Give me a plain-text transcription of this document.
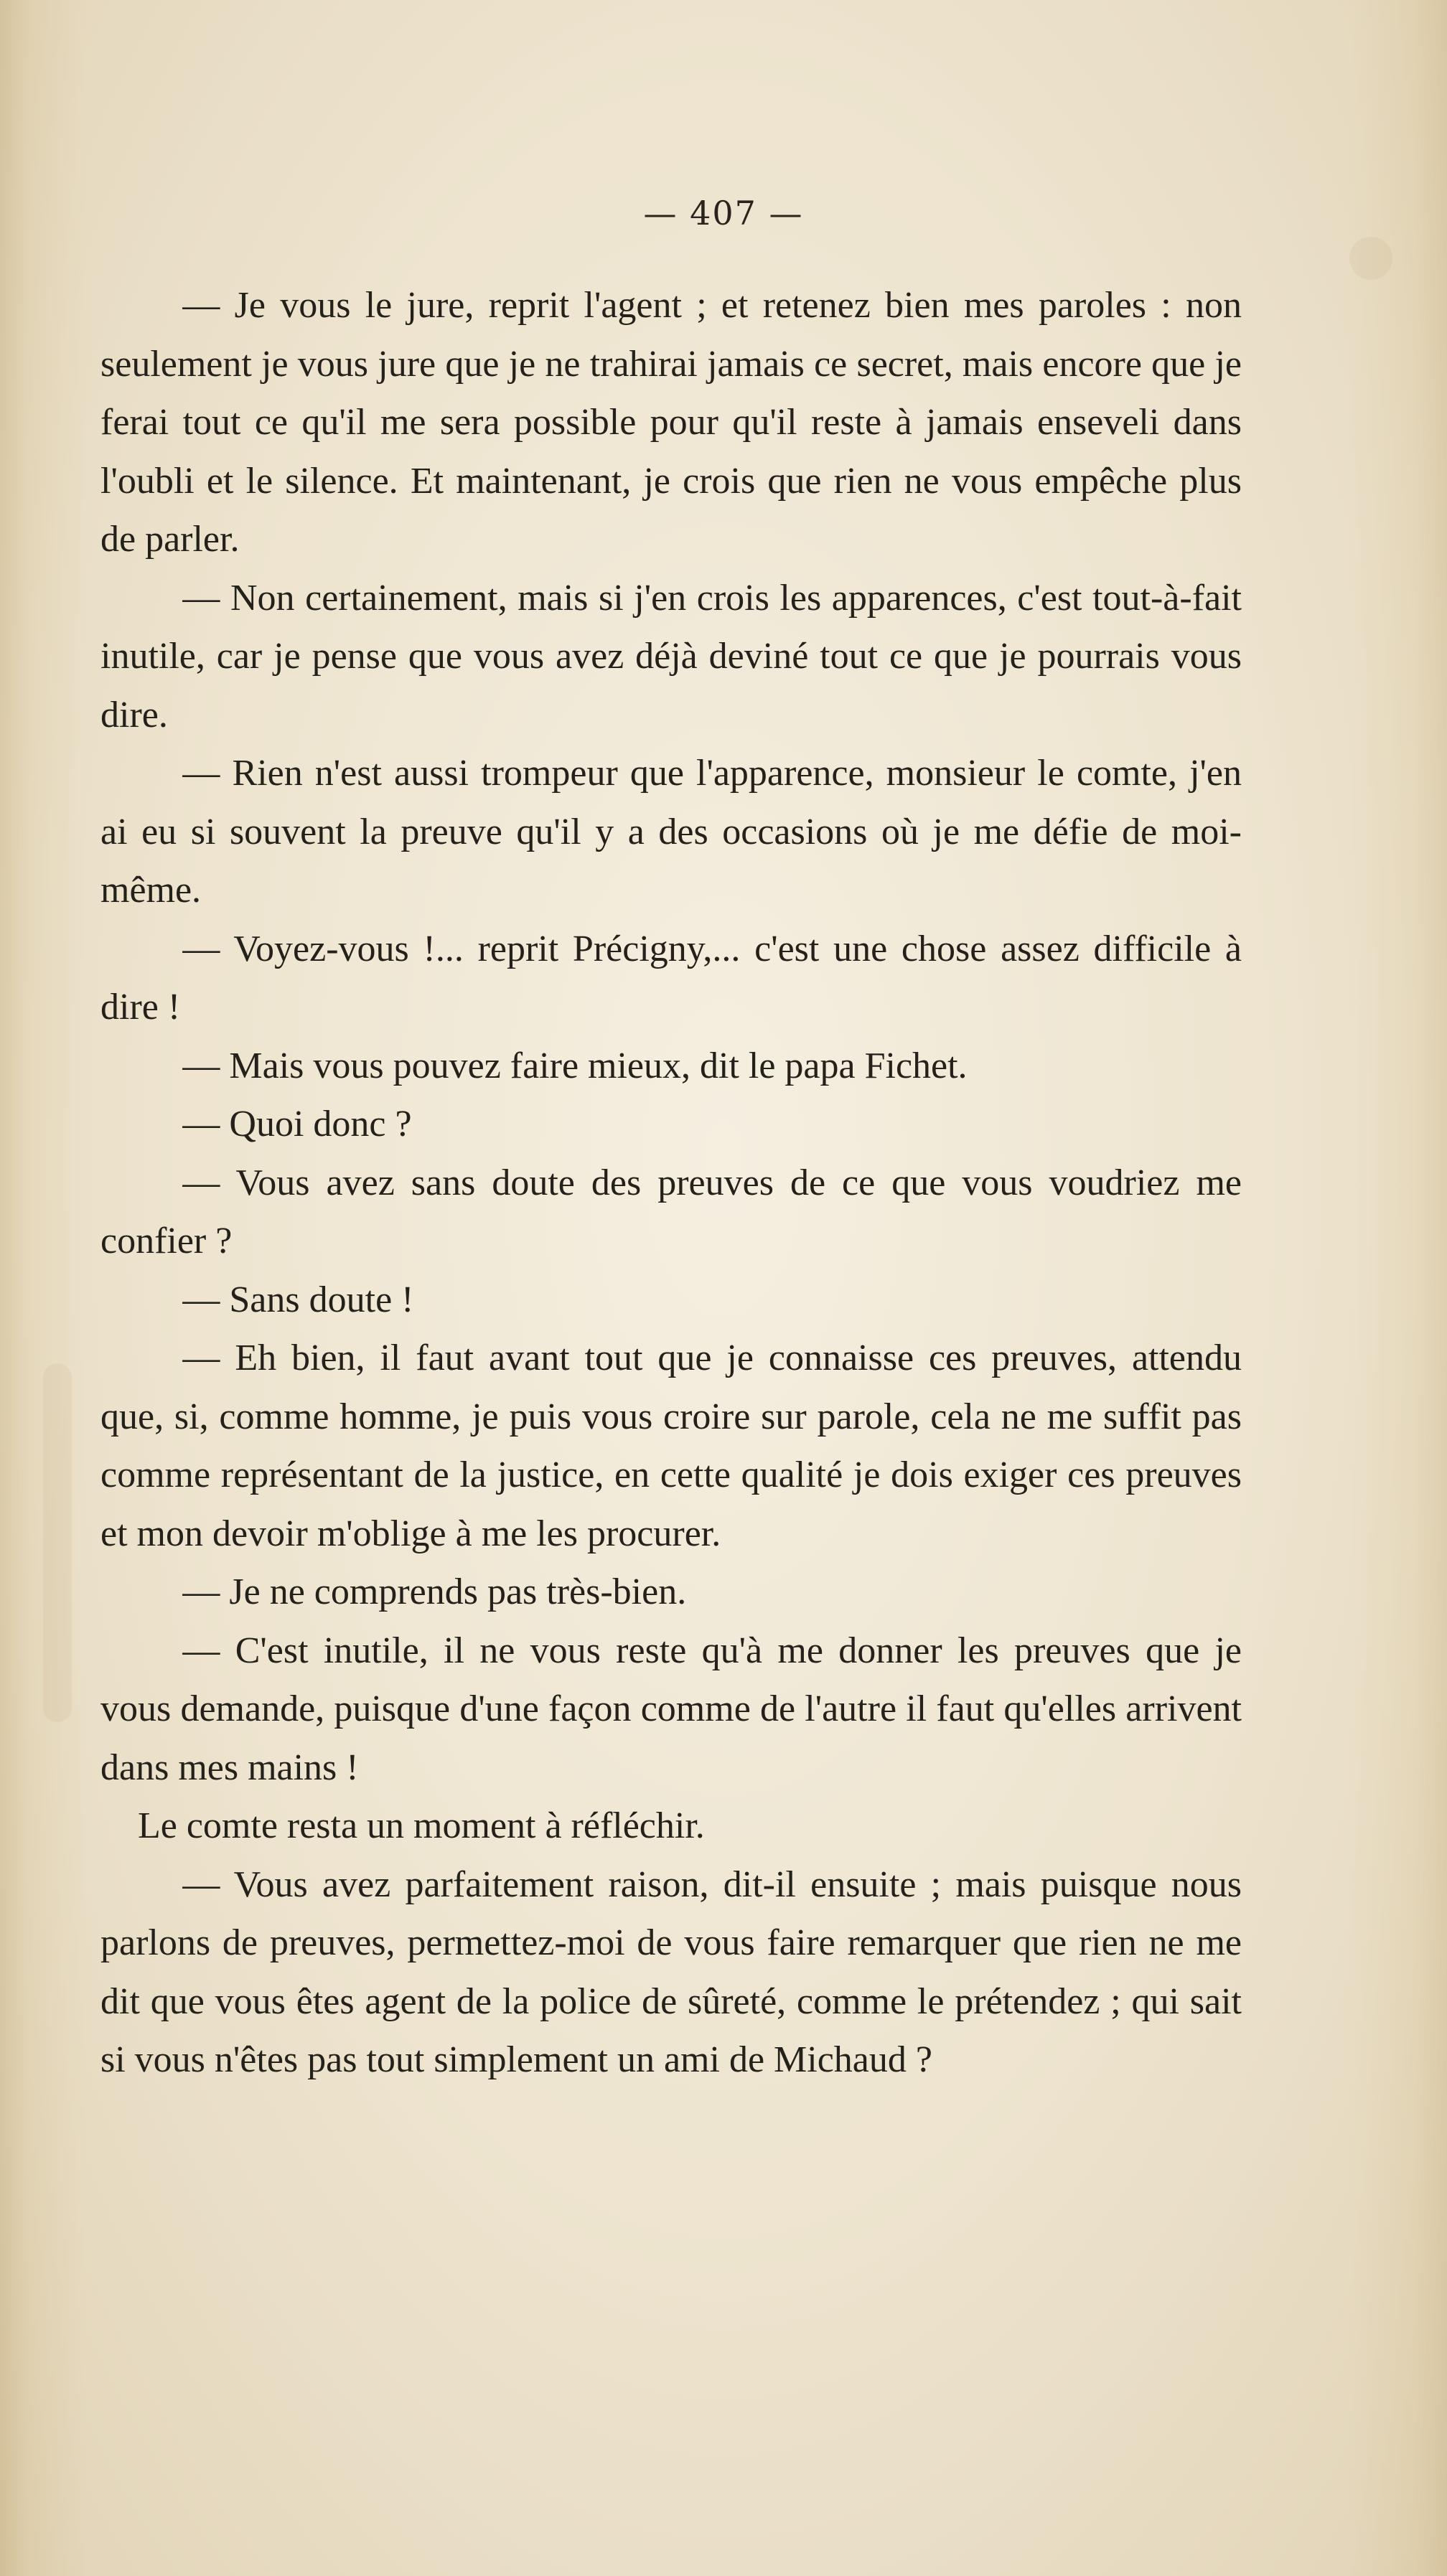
— 407 —

— Je vous le jure, reprit l'agent ; et retenez bien mes paroles : non seulement je vous jure que je ne trahirai jamais ce secret, mais encore que je ferai tout ce qu'il me sera possible pour qu'il reste à jamais enseveli dans l'oubli et le silence. Et maintenant, je crois que rien ne vous empêche plus de parler.

— Non certainement, mais si j'en crois les apparences, c'est tout-à-fait inutile, car je pense que vous avez déjà deviné tout ce que je pourrais vous dire.

— Rien n'est aussi trompeur que l'apparence, monsieur le comte, j'en ai eu si souvent la preuve qu'il y a des occasions où je me défie de moi-même.

— Voyez-vous !... reprit Précigny,... c'est une chose assez difficile à dire !

— Mais vous pouvez faire mieux, dit le papa Fichet.

— Quoi donc ?

— Vous avez sans doute des preuves de ce que vous voudriez me confier ?

— Sans doute !

— Eh bien, il faut avant tout que je connaisse ces preuves, attendu que, si, comme homme, je puis vous croire sur parole, cela ne me suffit pas comme représentant de la justice, en cette qualité je dois exiger ces preuves et mon devoir m'oblige à me les procurer.

— Je ne comprends pas très-bien.

— C'est inutile, il ne vous reste qu'à me donner les preuves que je vous demande, puisque d'une façon comme de l'autre il faut qu'elles arrivent dans mes mains !

Le comte resta un moment à réfléchir.

— Vous avez parfaitement raison, dit-il ensuite ; mais puisque nous parlons de preuves, permettez-moi de vous faire remarquer que rien ne me dit que vous êtes agent de la police de sûreté, comme le prétendez ; qui sait si vous n'êtes pas tout simplement un ami de Michaud ?
